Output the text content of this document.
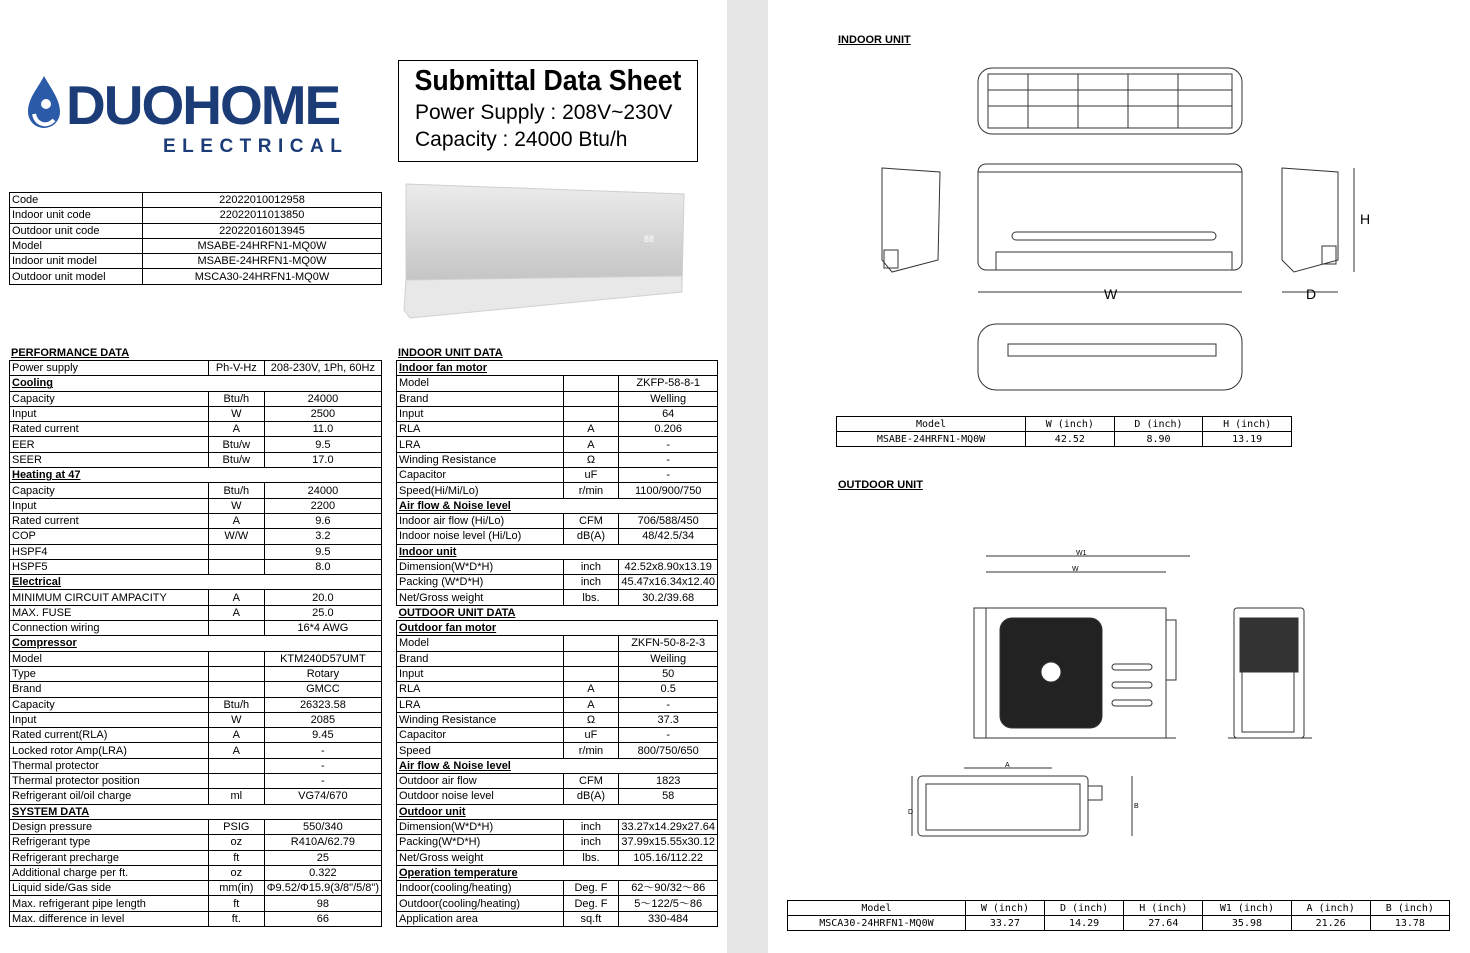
DUOHOME
ELECTRICAL
Submittal Data Sheet
Power Supply : 208V~230V
Capacity : 24000 Btu/h
Code	22022010012958
Indoor unit code	22022011013850
Outdoor unit code	22022016013945
Model	MSABE-24HRFN1-MQ0W
Indoor unit model	MSABE-24HRFN1-MQ0W
Outdoor unit model	MSCA30-24HRFN1-MQ0W
88
PERFORMANCE DATA
Power supply	Ph-V-Hz	208-230V, 1Ph, 60Hz
Cooling		
Capacity	Btu/h	24000
Input	W	2500
Rated current	A	11.0
EER	Btu/w	9.5
SEER	Btu/w	17.0
Heating at 47		
Capacity	Btu/h	24000
Input	W	2200
Rated current	A	9.6
COP	W/W	3.2
HSPF4		9.5
HSPF5		8.0
Electrical		
MINIMUM CIRCUIT AMPACITY	A	20.0
MAX. FUSE	A	25.0
Connection wiring		16*4 AWG
Compressor		
Model		KTM240D57UMT
Type		Rotary
Brand		GMCC
Capacity	Btu/h	26323.58
Input	W	2085
Rated current(RLA)	A	9.45
Locked rotor Amp(LRA)	A	-
Thermal protector		-
Thermal protector position		-
Refrigerant oil/oil charge	ml	VG74/670
SYSTEM DATA		
Design pressure	PSIG	550/340
Refrigerant type	oz	R410A/62.79
Refrigerant precharge	ft	25
Additional charge per ft.	oz	0.322
Liquid side/Gas side	mm(in)	Φ9.52/Φ15.9(3/8"/5/8")
Max. refrigerant pipe length	ft	98
Max. difference in level	ft.	66
INDOOR UNIT DATA
Indoor fan motor		
Model		ZKFP-58-8-1
Brand		Welling
Input		64
RLA	A	0.206
LRA	A	-
Winding Resistance	Ω	-
Capacitor	uF	-
Speed(Hi/Mi/Lo)	r/min	1100/900/750
Air flow & Noise level		
Indoor air flow (Hi/Lo)	CFM	706/588/450
Indoor noise level (Hi/Lo)	dB(A)	48/42.5/34
Indoor unit		
Dimension(W*D*H)	inch	42.52x8.90x13.19
Packing (W*D*H)	inch	45.47x16.34x12.40
Net/Gross weight	lbs.	30.2/39.68
OUTDOOR UNIT DATA		
Outdoor fan motor		
Model		ZKFN-50-8-2-3
Brand		Weiling
Input		50
RLA	A	0.5
LRA	A	-
Winding Resistance	Ω	37.3
Capacitor	uF	-
Speed	r/min	800/750/650
Air flow & Noise level		
Outdoor air flow	CFM	1823
Outdoor noise level	dB(A)	58
Outdoor unit		
Dimension(W*D*H)	inch	33.27x14.29x27.64
Packing(W*D*H)	inch	37.99x15.55x30.12
Net/Gross weight	lbs.	105.16/112.22
Operation temperature		
Indoor(cooling/heating)	Deg. F	62～90/32～86
Outdoor(cooling/heating)	Deg. F	5～122/5～86
Application area	sq.ft	330-484
INDOOR UNIT
W
H
D
Model	W (inch)	D (inch)	H (inch)
MSABE-24HRFN1-MQ0W	42.52	8.90	13.19
OUTDOOR UNIT
W1
W
A
B
D
Model	W (inch)	D (inch)	H (inch)	W1 (inch)	A (inch)	B (inch)
MSCA30-24HRFN1-MQ0W	33.27	14.29	27.64	35.98	21.26	13.78
